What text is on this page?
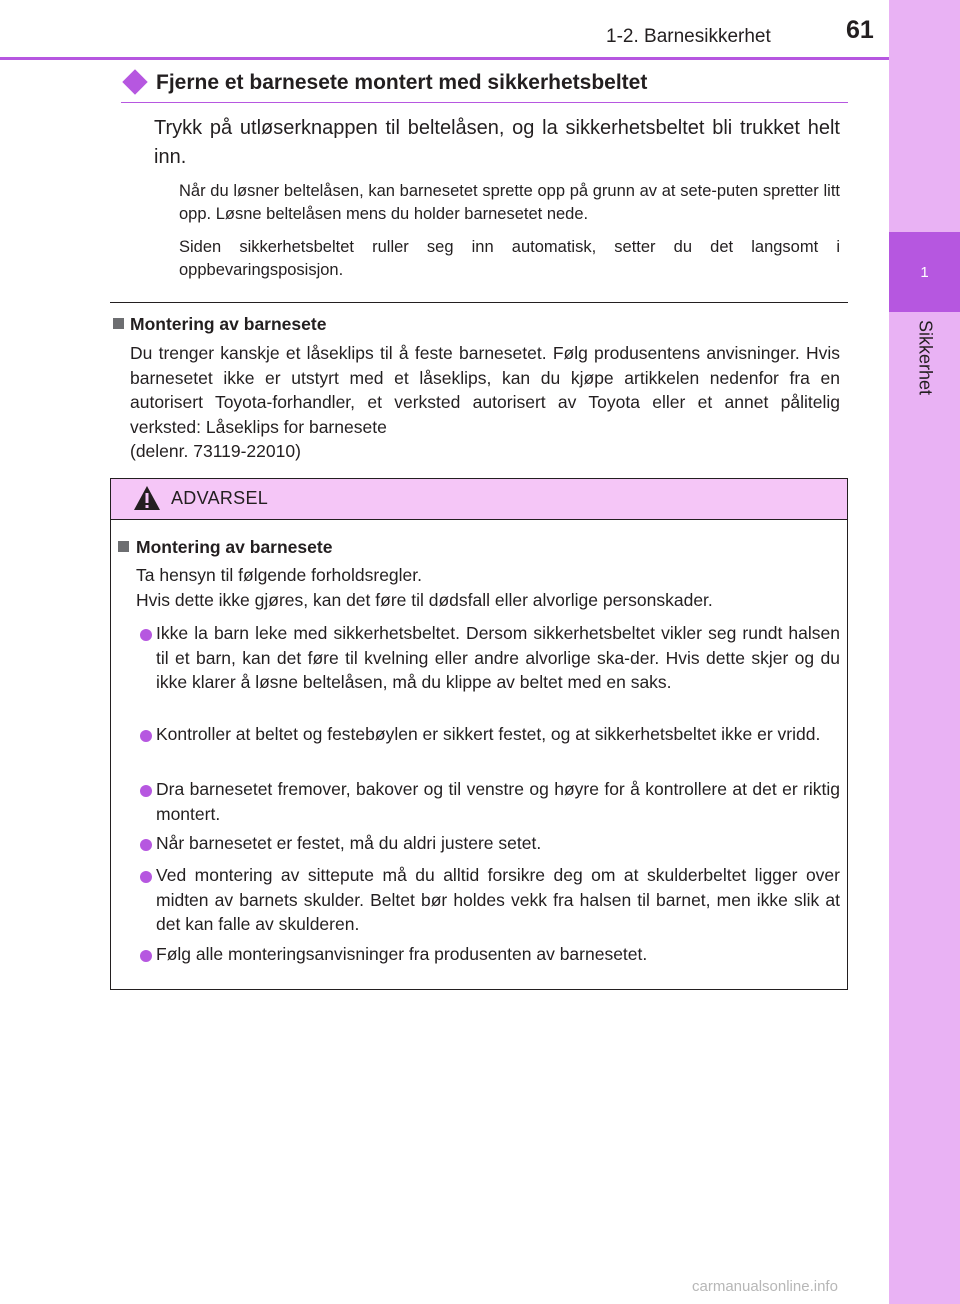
1
Sikkerhet
1-2. Barnesikkerhet	61
Fjerne et barnesete montert med sikkerhetsbeltet
Trykk på utløserknappen til beltelåsen, og la sikkerhetsbeltet bli trukket helt inn.
Når du løsner beltelåsen, kan barnesetet sprette opp på grunn av at sete-puten spretter litt opp. Løsne beltelåsen mens du holder barnesetet nede.
Siden sikkerhetsbeltet ruller seg inn automatisk, setter du det langsomt i oppbevaringsposisjon.
Montering av barnesete
Du trenger kanskje et låseklips til å feste barnesetet. Følg produsentens anvisninger. Hvis barnesetet ikke er utstyrt med et låseklips, kan du kjøpe artikkelen nedenfor fra en autorisert Toyota-forhandler, et verksted autorisert av Toyota eller et annet pålitelig verksted: Låseklips for barnesete
(delenr. 73119-22010)
ADVARSEL
Montering av barnesete
Ta hensyn til følgende forholdsregler.
Hvis dette ikke gjøres, kan det føre til dødsfall eller alvorlige personskader.
Ikke la barn leke med sikkerhetsbeltet. Dersom sikkerhetsbeltet vikler seg rundt halsen til et barn, kan det føre til kvelning eller andre alvorlige ska-der. Hvis dette skjer og du ikke klarer å løsne beltelåsen, må du klippe av beltet med en saks.
Kontroller at beltet og festebøylen er sikkert festet, og at sikkerhetsbeltet ikke er vridd.
Dra barnesetet fremover, bakover og til venstre og høyre for å kontrollere at det er riktig montert.
Når barnesetet er festet, må du aldri justere setet.
Ved montering av sittepute må du alltid forsikre deg om at skulderbeltet ligger over midten av barnets skulder. Beltet bør holdes vekk fra halsen til barnet, men ikke slik at det kan falle av skulderen.
Følg alle monteringsanvisninger fra produsenten av barnesetet.
carmanualsonline.info
